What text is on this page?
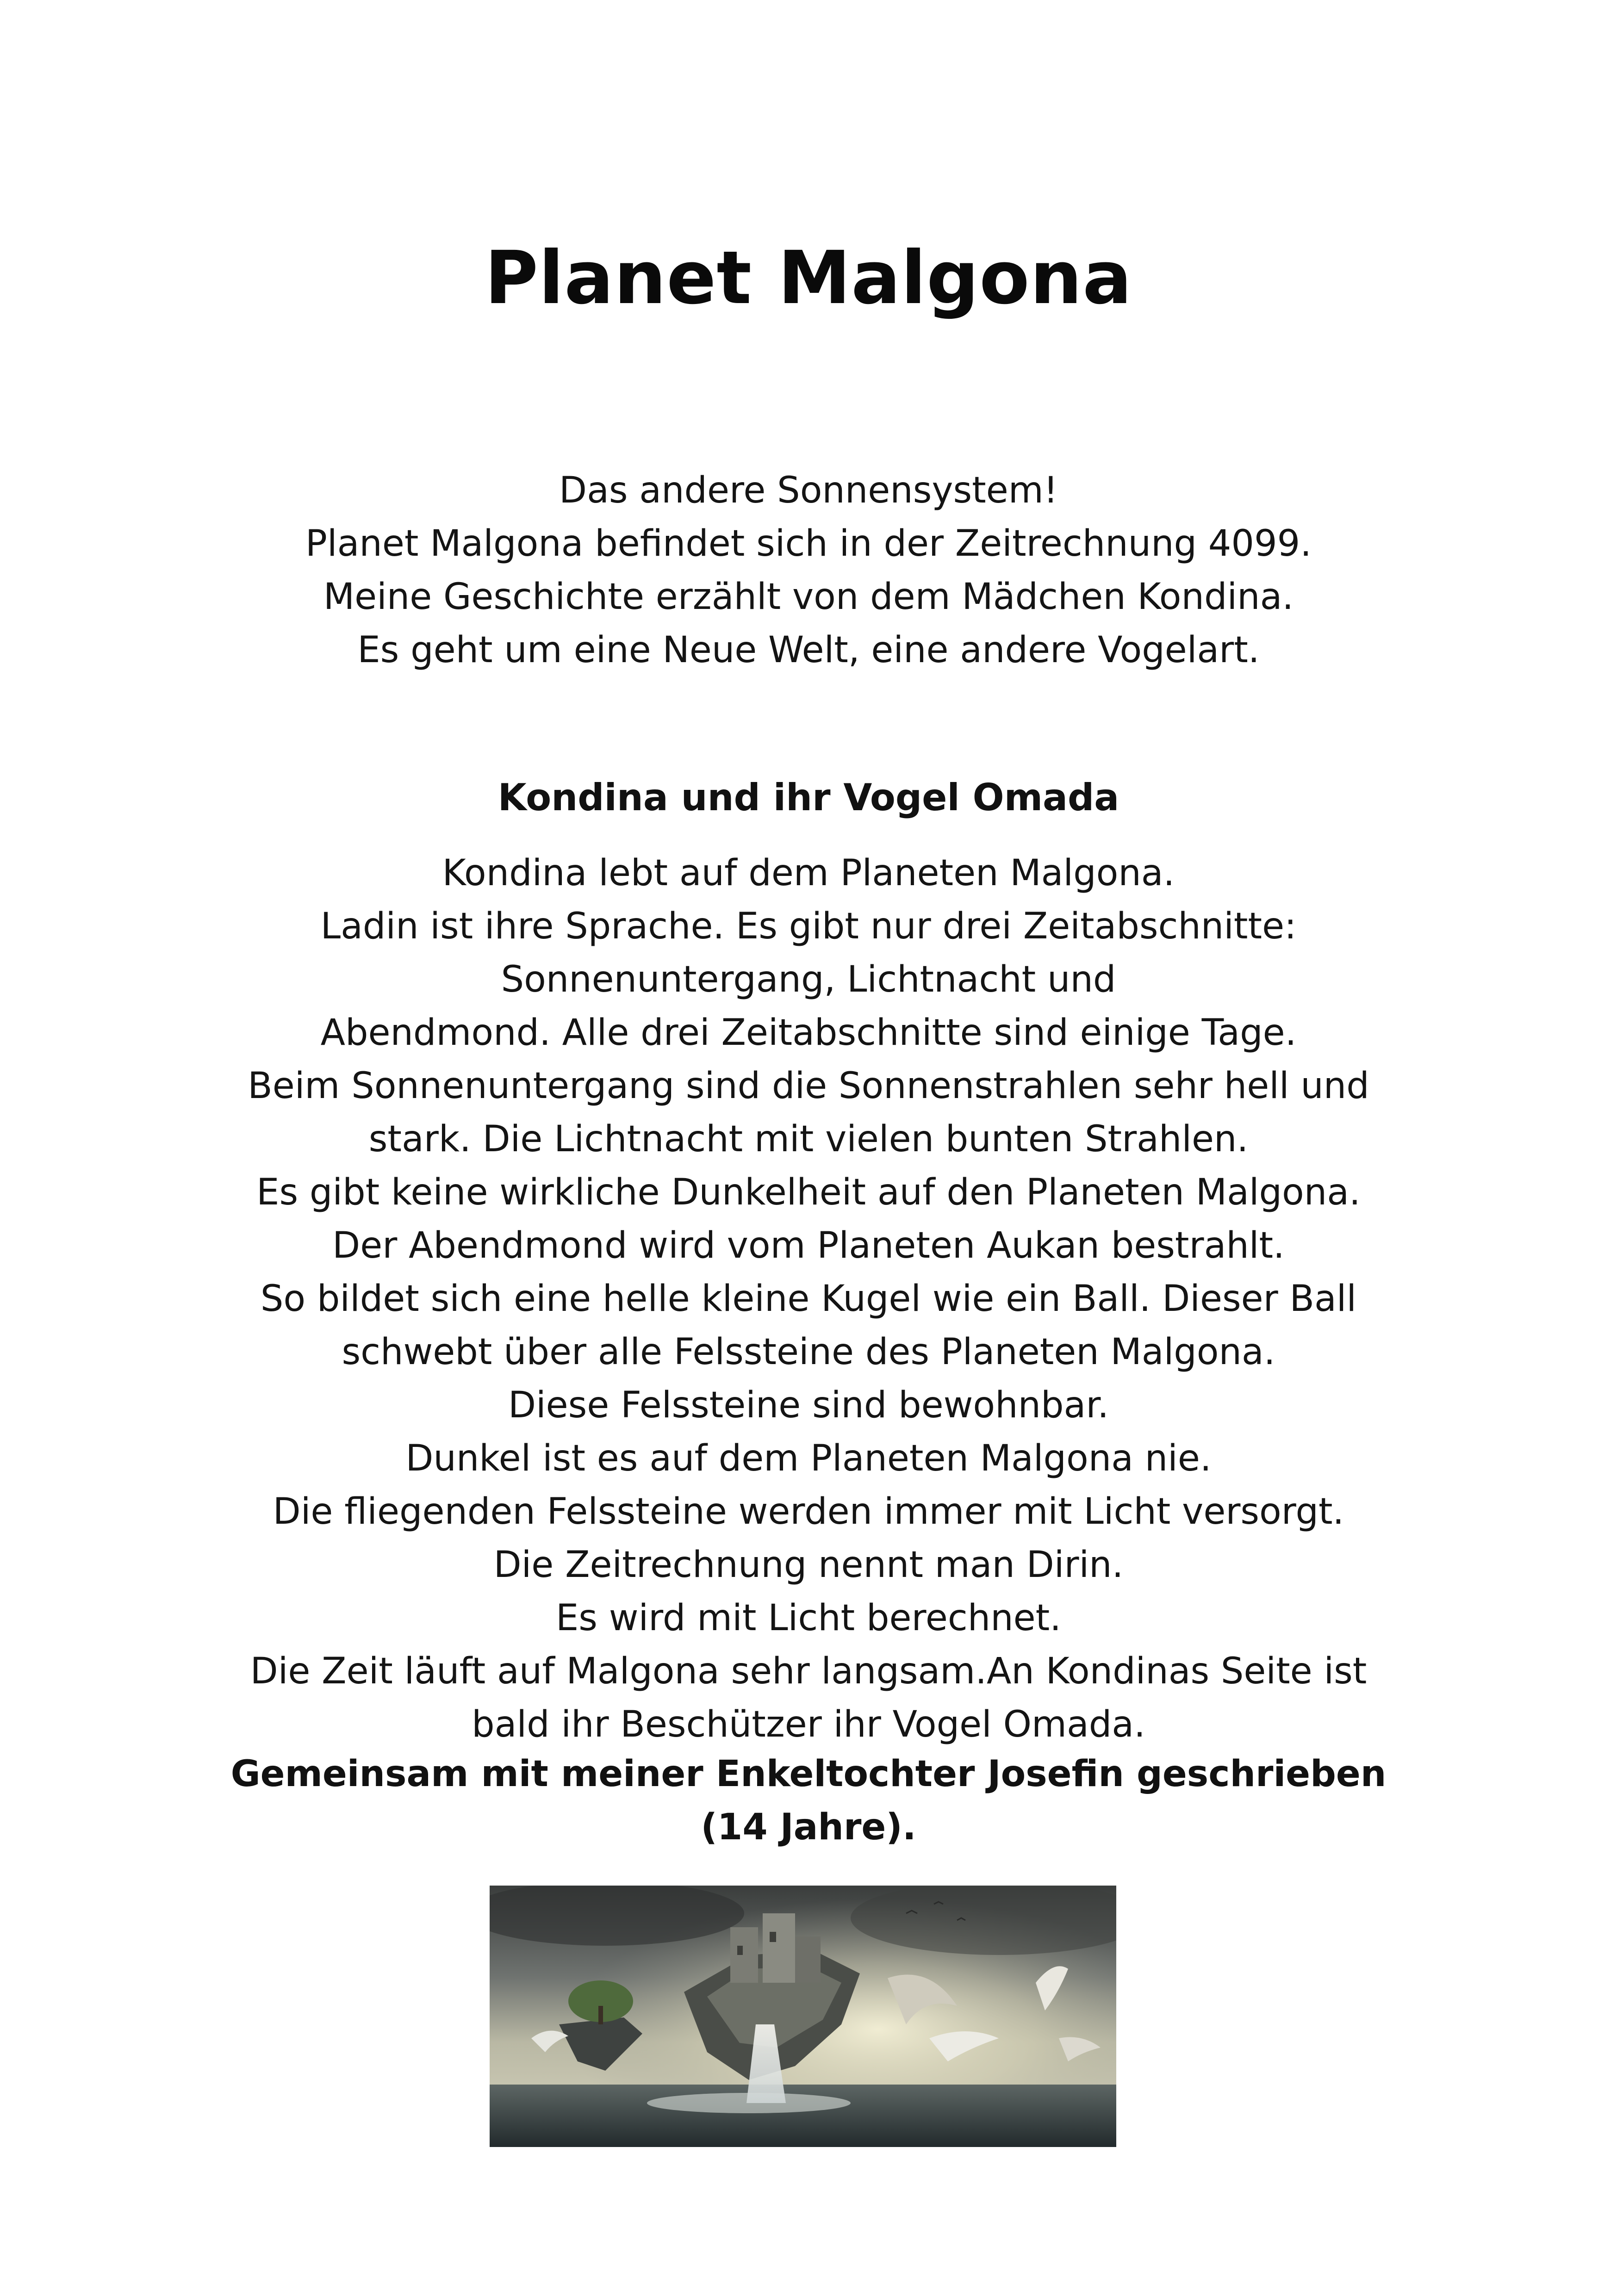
Planet Malgona
Das andere Sonnensystem!
Planet Malgona befindet sich in der Zeitrechnung 4099.
Meine Geschichte erzählt von dem Mädchen Kondina.
Es geht um eine Neue Welt, eine andere Vogelart.
Kondina und ihr Vogel Omada
Kondina lebt auf dem Planeten Malgona.
Ladin ist ihre Sprache. Es gibt nur drei Zeitabschnitte:
Sonnenuntergang, Lichtnacht und
Abendmond. Alle drei Zeitabschnitte sind einige Tage.
Beim Sonnenuntergang sind die Sonnenstrahlen sehr hell und
stark. Die Lichtnacht mit vielen bunten Strahlen.
Es gibt keine wirkliche Dunkelheit auf den Planeten Malgona.
Der Abendmond wird vom Planeten Aukan bestrahlt.
So bildet sich eine helle kleine Kugel wie ein Ball. Dieser Ball
schwebt über alle Felssteine des Planeten Malgona.
Diese Felssteine sind bewohnbar.
Dunkel ist es auf dem Planeten Malgona nie.
Die fliegenden Felssteine werden immer mit Licht versorgt.
Die Zeitrechnung nennt man Dirin.
Es wird mit Licht berechnet.
Die Zeit läuft auf Malgona sehr langsam.An Kondinas Seite ist
bald ihr Beschützer ihr Vogel Omada.
Gemeinsam mit meiner Enkeltochter Josefin geschrieben
(14 Jahre).
